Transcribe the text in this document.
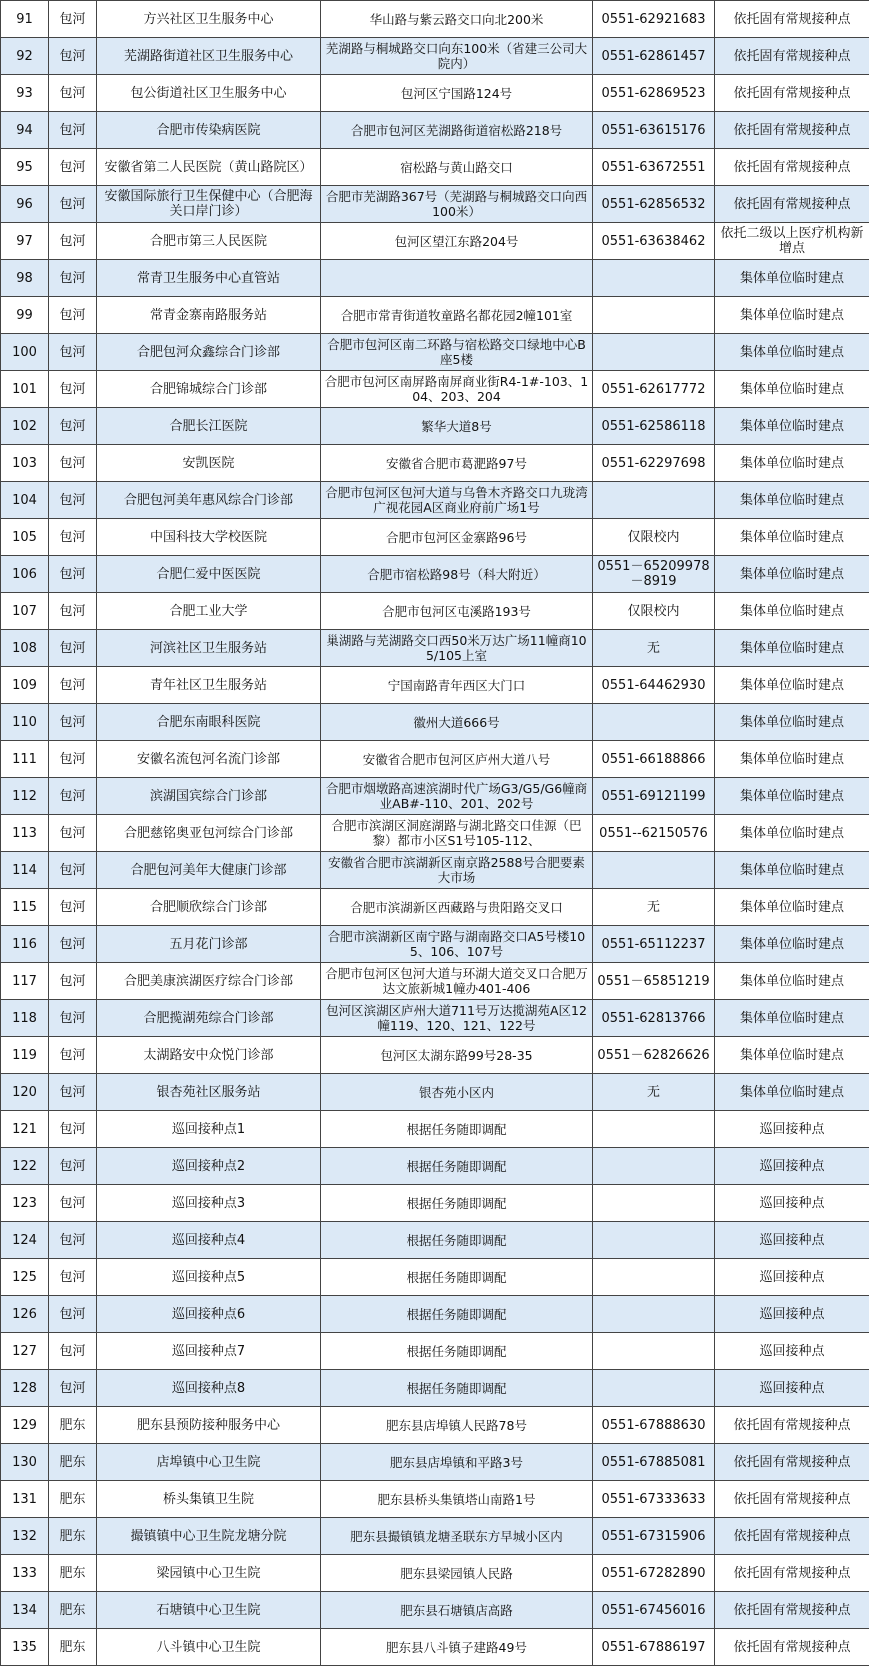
91	包河	方兴社区卫生服务中心	华山路与紫云路交口向北200米	0551-62921683	依托固有常规接种点
92	包河	芜湖路街道社区卫生服务中心	芜湖路与桐城路交口向东100米（省建三公司大院内）	0551-62861457	依托固有常规接种点
93	包河	包公街道社区卫生服务中心	包河区宁国路124号	0551-62869523	依托固有常规接种点
94	包河	合肥市传染病医院	合肥市包河区芜湖路街道宿松路218号	0551-63615176	依托固有常规接种点
95	包河	安徽省第二人民医院（黄山路院区）	宿松路与黄山路交口	0551-63672551	依托固有常规接种点
96	包河	安徽国际旅行卫生保健中心（合肥海关口岸门诊）	合肥市芜湖路367号（芜湖路与桐城路交口向西100米）	0551-62856532	依托固有常规接种点
97	包河	合肥市第三人民医院	包河区望江东路204号	0551-63638462	依托二级以上医疗机构新增点
98	包河	常青卫生服务中心直管站			集体单位临时建点
99	包河	常青金寨南路服务站	合肥市常青街道牧童路名都花园2幢101室		集体单位临时建点
100	包河	合肥包河众鑫综合门诊部	合肥市包河区南二环路与宿松路交口绿地中心B座5楼		集体单位临时建点
101	包河	合肥锦城综合门诊部	合肥市包河区南屏路南屏商业街R4-1#-103、104、203、204	0551-62617772	集体单位临时建点
102	包河	合肥长江医院	繁华大道8号	0551-62586118	集体单位临时建点
103	包河	安凯医院	安徽省合肥市葛淝路97号	0551-62297698	集体单位临时建点
104	包河	合肥包河美年惠风综合门诊部	合肥市包河区包河大道与乌鲁木齐路交口九珑湾广视花园A区商业府前广场1号		集体单位临时建点
105	包河	中国科技大学校医院	合肥市包河区金寨路96号	仅限校内	集体单位临时建点
106	包河	合肥仁爱中医医院	合肥市宿松路98号（科大附近）	0551－65209978－8919	集体单位临时建点
107	包河	合肥工业大学	合肥市包河区屯溪路193号	仅限校内	集体单位临时建点
108	包河	河滨社区卫生服务站	巢湖路与芜湖路交口西50米万达广场11幢商105/105上室	无	集体单位临时建点
109	包河	青年社区卫生服务站	宁国南路青年西区大门口	0551-64462930	集体单位临时建点
110	包河	合肥东南眼科医院	徽州大道666号		集体单位临时建点
111	包河	安徽名流包河名流门诊部	安徽省合肥市包河区庐州大道八号	0551-66188866	集体单位临时建点
112	包河	滨湖国宾综合门诊部	合肥市烟墩路高速滨湖时代广场G3/G5/G6幢商业AB#-110、201、202号	0551-69121199	集体单位临时建点
113	包河	合肥慈铭奥亚包河综合门诊部	合肥市滨湖区洞庭湖路与湖北路交口佳源（巴黎）都市小区S1号105-112、	0551--62150576	集体单位临时建点
114	包河	合肥包河美年大健康门诊部	安徽省合肥市滨湖新区南京路2588号合肥要素大市场		集体单位临时建点
115	包河	合肥顺欣综合门诊部	合肥市滨湖新区西藏路与贵阳路交叉口	无	集体单位临时建点
116	包河	五月花门诊部	合肥市滨湖新区南宁路与湖南路交口A5号楼105、106、107号	0551-65112237	集体单位临时建点
117	包河	合肥美康滨湖医疗综合门诊部	合肥市包河区包河大道与环湖大道交叉口合肥万达文旅新城1幢办401-406	0551－65851219	集体单位临时建点
118	包河	合肥揽湖苑综合门诊部	包河区滨湖区庐州大道711号万达揽湖苑A区12幢119、120、121、122号	0551-62813766	集体单位临时建点
119	包河	太湖路安中众悦门诊部	包河区太湖东路99号28-35	0551－62826626	集体单位临时建点
120	包河	银杏苑社区服务站	银杏苑小区内	无	集体单位临时建点
121	包河	巡回接种点1	根据任务随即调配		巡回接种点
122	包河	巡回接种点2	根据任务随即调配		巡回接种点
123	包河	巡回接种点3	根据任务随即调配		巡回接种点
124	包河	巡回接种点4	根据任务随即调配		巡回接种点
125	包河	巡回接种点5	根据任务随即调配		巡回接种点
126	包河	巡回接种点6	根据任务随即调配		巡回接种点
127	包河	巡回接种点7	根据任务随即调配		巡回接种点
128	包河	巡回接种点8	根据任务随即调配		巡回接种点
129	肥东	肥东县预防接种服务中心	肥东县店埠镇人民路78号	0551-67888630	依托固有常规接种点
130	肥东	店埠镇中心卫生院	肥东县店埠镇和平路3号	0551-67885081	依托固有常规接种点
131	肥东	桥头集镇卫生院	肥东县桥头集镇塔山南路1号	0551-67333633	依托固有常规接种点
132	肥东	撮镇镇中心卫生院龙塘分院	肥东县撮镇镇龙塘圣联东方早城小区内	0551-67315906	依托固有常规接种点
133	肥东	梁园镇中心卫生院	肥东县梁园镇人民路	0551-67282890	依托固有常规接种点
134	肥东	石塘镇中心卫生院	肥东县石塘镇店高路	0551-67456016	依托固有常规接种点
135	肥东	八斗镇中心卫生院	肥东县八斗镇子建路49号	0551-67886197	依托固有常规接种点
